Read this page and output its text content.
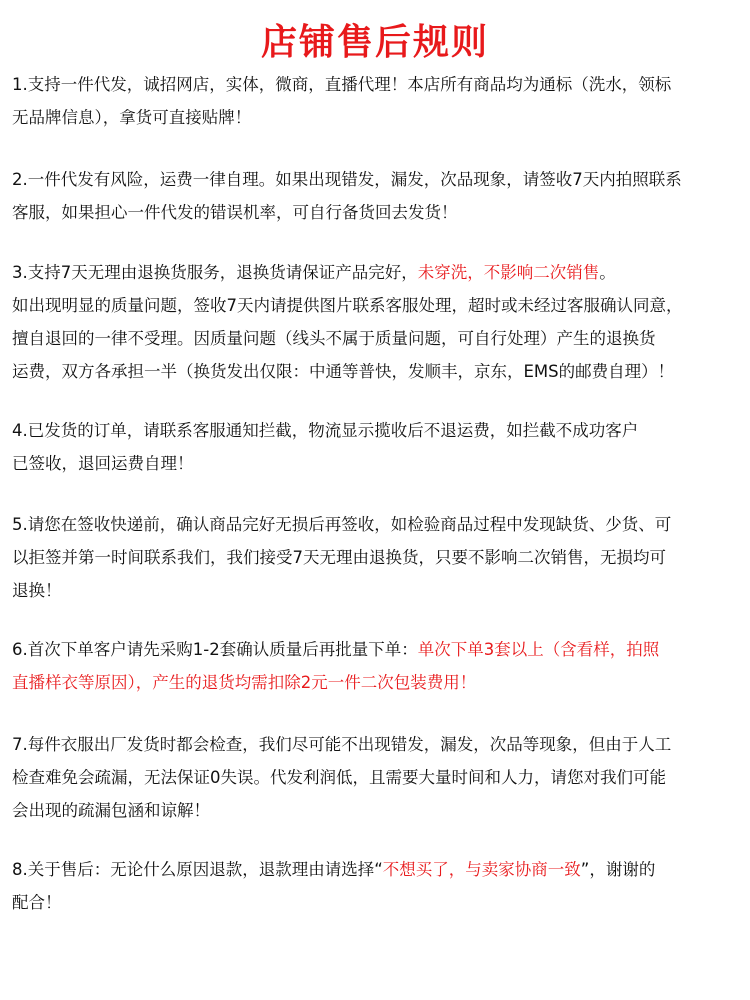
店铺售后规则
1.支持一件代发，诚招网店，实体，微商，直播代理！本店所有商品均为通标（洗水，领标
无品牌信息），拿货可直接贴牌！
2.一件代发有风险，运费一律自理。如果出现错发，漏发，次品现象，请签收7天内拍照联系
客服，如果担心一件代发的错误机率，可自行备货回去发货！
3.支持7天无理由退换货服务，退换货请保证产品完好，未穿洗，不影响二次销售。
如出现明显的质量问题，签收7天内请提供图片联系客服处理，超时或未经过客服确认同意，
擅自退回的一律不受理。因质量问题（线头不属于质量问题，可自行处理）产生的退换货
运费，双方各承担一半（换货发出仅限：中通等普快，发顺丰，京东，EMS的邮费自理）！
4.已发货的订单，请联系客服通知拦截，物流显示揽收后不退运费，如拦截不成功客户
已签收，退回运费自理！
5.请您在签收快递前，确认商品完好无损后再签收，如检验商品过程中发现缺货、少货、可
以拒签并第一时间联系我们，我们接受7天无理由退换货，只要不影响二次销售，无损均可
退换！
6.首次下单客户请先采购1-2套确认质量后再批量下单：单次下单3套以上（含看样，拍照
直播样衣等原因），产生的退货均需扣除2元一件二次包装费用！
7.每件衣服出厂发货时都会检查，我们尽可能不出现错发，漏发，次品等现象，但由于人工
检查难免会疏漏，无法保证0失误。代发利润低，且需要大量时间和人力，请您对我们可能
会出现的疏漏包涵和谅解！
8.关于售后：无论什么原因退款，退款理由请选择“不想买了，与卖家协商一致”，谢谢的
配合！
